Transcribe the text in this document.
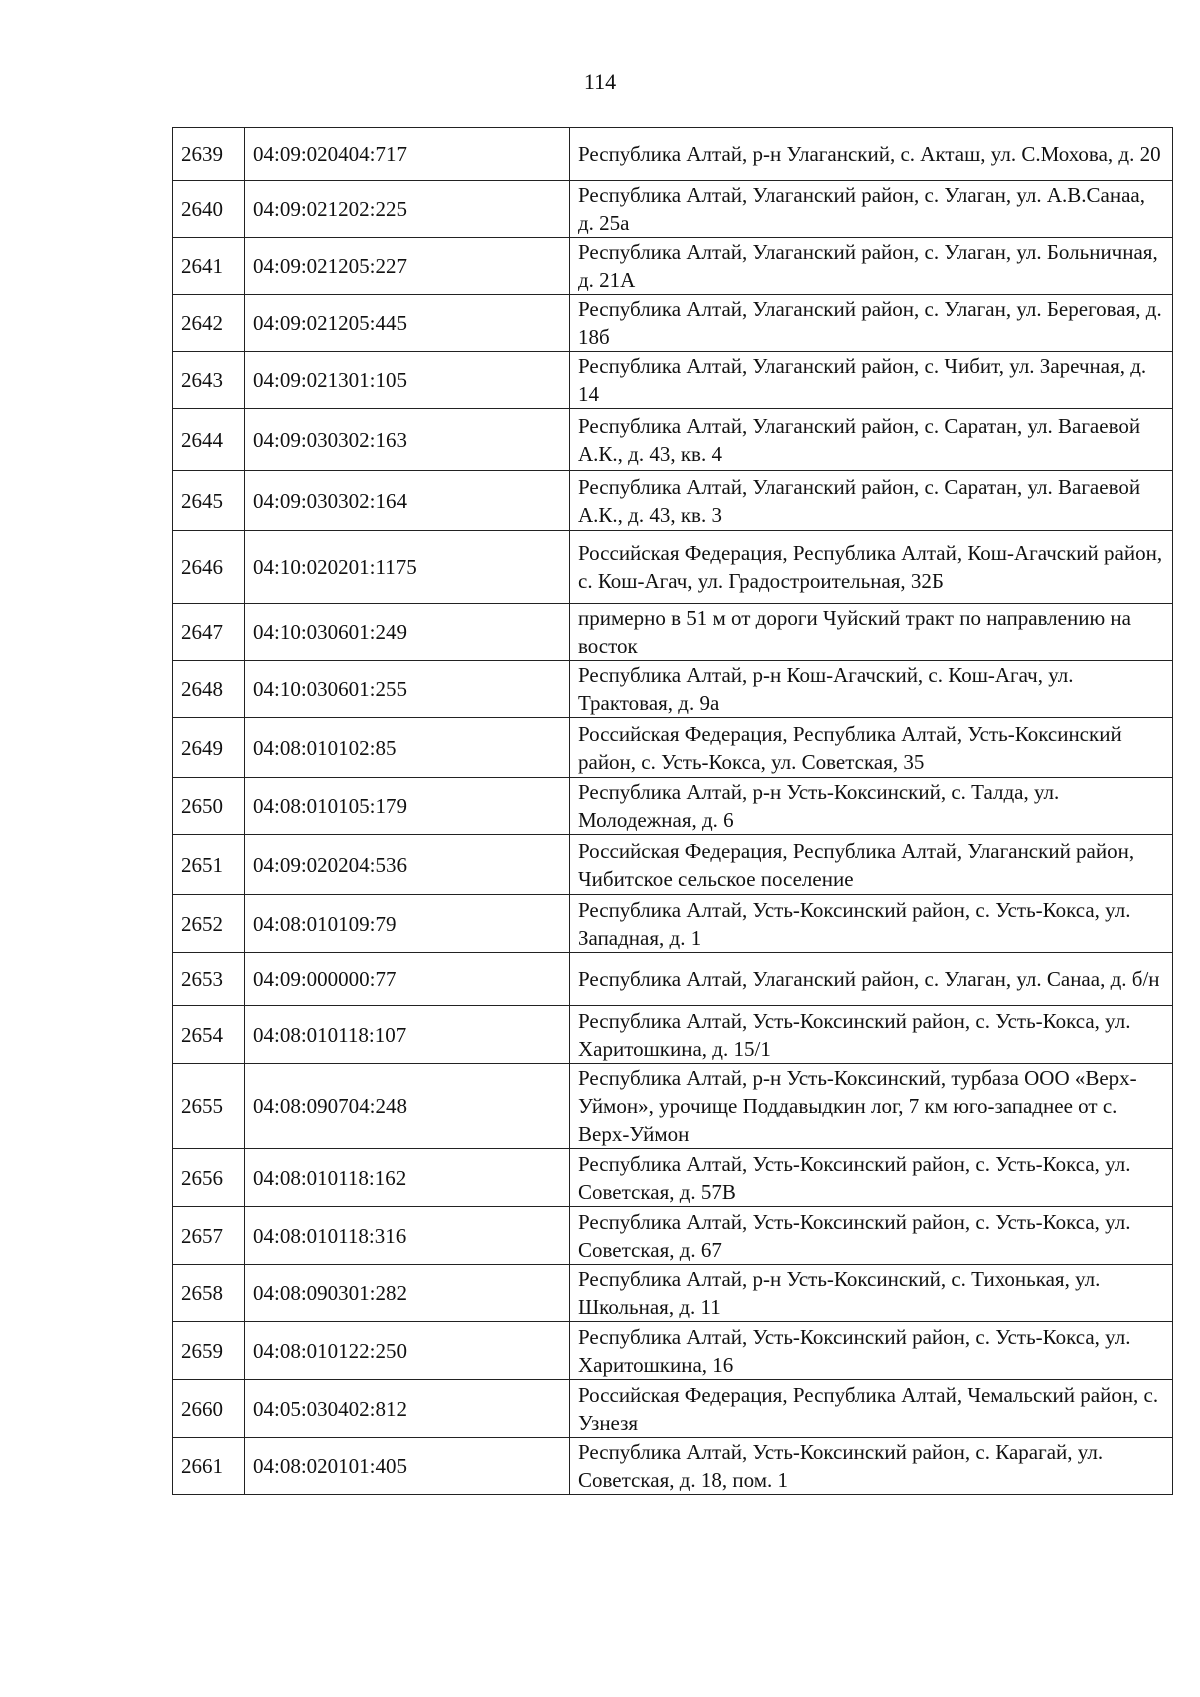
114
2639	04:09:020404:717	Республика Алтай, р-н Улаганский, с. Акташ, ул. С.Мохова, д. 20
2640	04:09:021202:225	Республика Алтай, Улаганский район, с. Улаган, ул. А.В.Санаа, д. 25а
2641	04:09:021205:227	Республика Алтай, Улаганский район, с. Улаган, ул. Больничная, д. 21А
2642	04:09:021205:445	Республика Алтай, Улаганский район, с. Улаган, ул. Береговая, д. 18б
2643	04:09:021301:105	Республика Алтай, Улаганский район, с. Чибит, ул. Заречная, д. 14
2644	04:09:030302:163	Республика Алтай, Улаганский район, с. Саратан, ул. Вагаевой А.К., д. 43, кв. 4
2645	04:09:030302:164	Республика Алтай, Улаганский район, с. Саратан, ул. Вагаевой А.К., д. 43, кв. 3
2646	04:10:020201:1175	Российская Федерация, Республика Алтай, Кош-Агачский район, с. Кош-Агач, ул. Градостроительная, 32Б
2647	04:10:030601:249	примерно в 51 м от дороги Чуйский тракт по направлению на восток
2648	04:10:030601:255	Республика Алтай, р-н Кош-Агачский, с. Кош-Агач, ул. Трактовая, д. 9а
2649	04:08:010102:85	Российская Федерация, Республика Алтай, Усть-Коксинский район, с. Усть-Кокса, ул. Советская, 35
2650	04:08:010105:179	Республика Алтай, р-н Усть-Коксинский, с. Талда, ул. Молодежная, д. 6
2651	04:09:020204:536	Российская Федерация, Республика Алтай, Улаганский район, Чибитское сельское поселение
2652	04:08:010109:79	Республика Алтай, Усть-Коксинский район, с. Усть-Кокса, ул. Западная, д. 1
2653	04:09:000000:77	Республика Алтай, Улаганский район, с. Улаган, ул. Санаа, д. б/н
2654	04:08:010118:107	Республика Алтай, Усть-Коксинский район, с. Усть-Кокса, ул. Харитошкина, д. 15/1
2655	04:08:090704:248	Республика Алтай, р-н Усть-Коксинский, турбаза ООО «Верх-Уймон», урочище Поддавыдкин лог, 7 км юго-западнее от с. Верх-Уймон
2656	04:08:010118:162	Республика Алтай, Усть-Коксинский район, с. Усть-Кокса, ул. Советская, д. 57В
2657	04:08:010118:316	Республика Алтай, Усть-Коксинский район, с. Усть-Кокса, ул. Советская, д. 67
2658	04:08:090301:282	Республика Алтай, р-н Усть-Коксинский, с. Тихонькая, ул. Школьная, д. 11
2659	04:08:010122:250	Республика Алтай, Усть-Коксинский район, с. Усть-Кокса, ул. Харитошкина, 16
2660	04:05:030402:812	Российская Федерация, Республика Алтай, Чемальский район, с. Узнезя
2661	04:08:020101:405	Республика Алтай, Усть-Коксинский район, с. Карагай, ул. Советская, д. 18, пом. 1
